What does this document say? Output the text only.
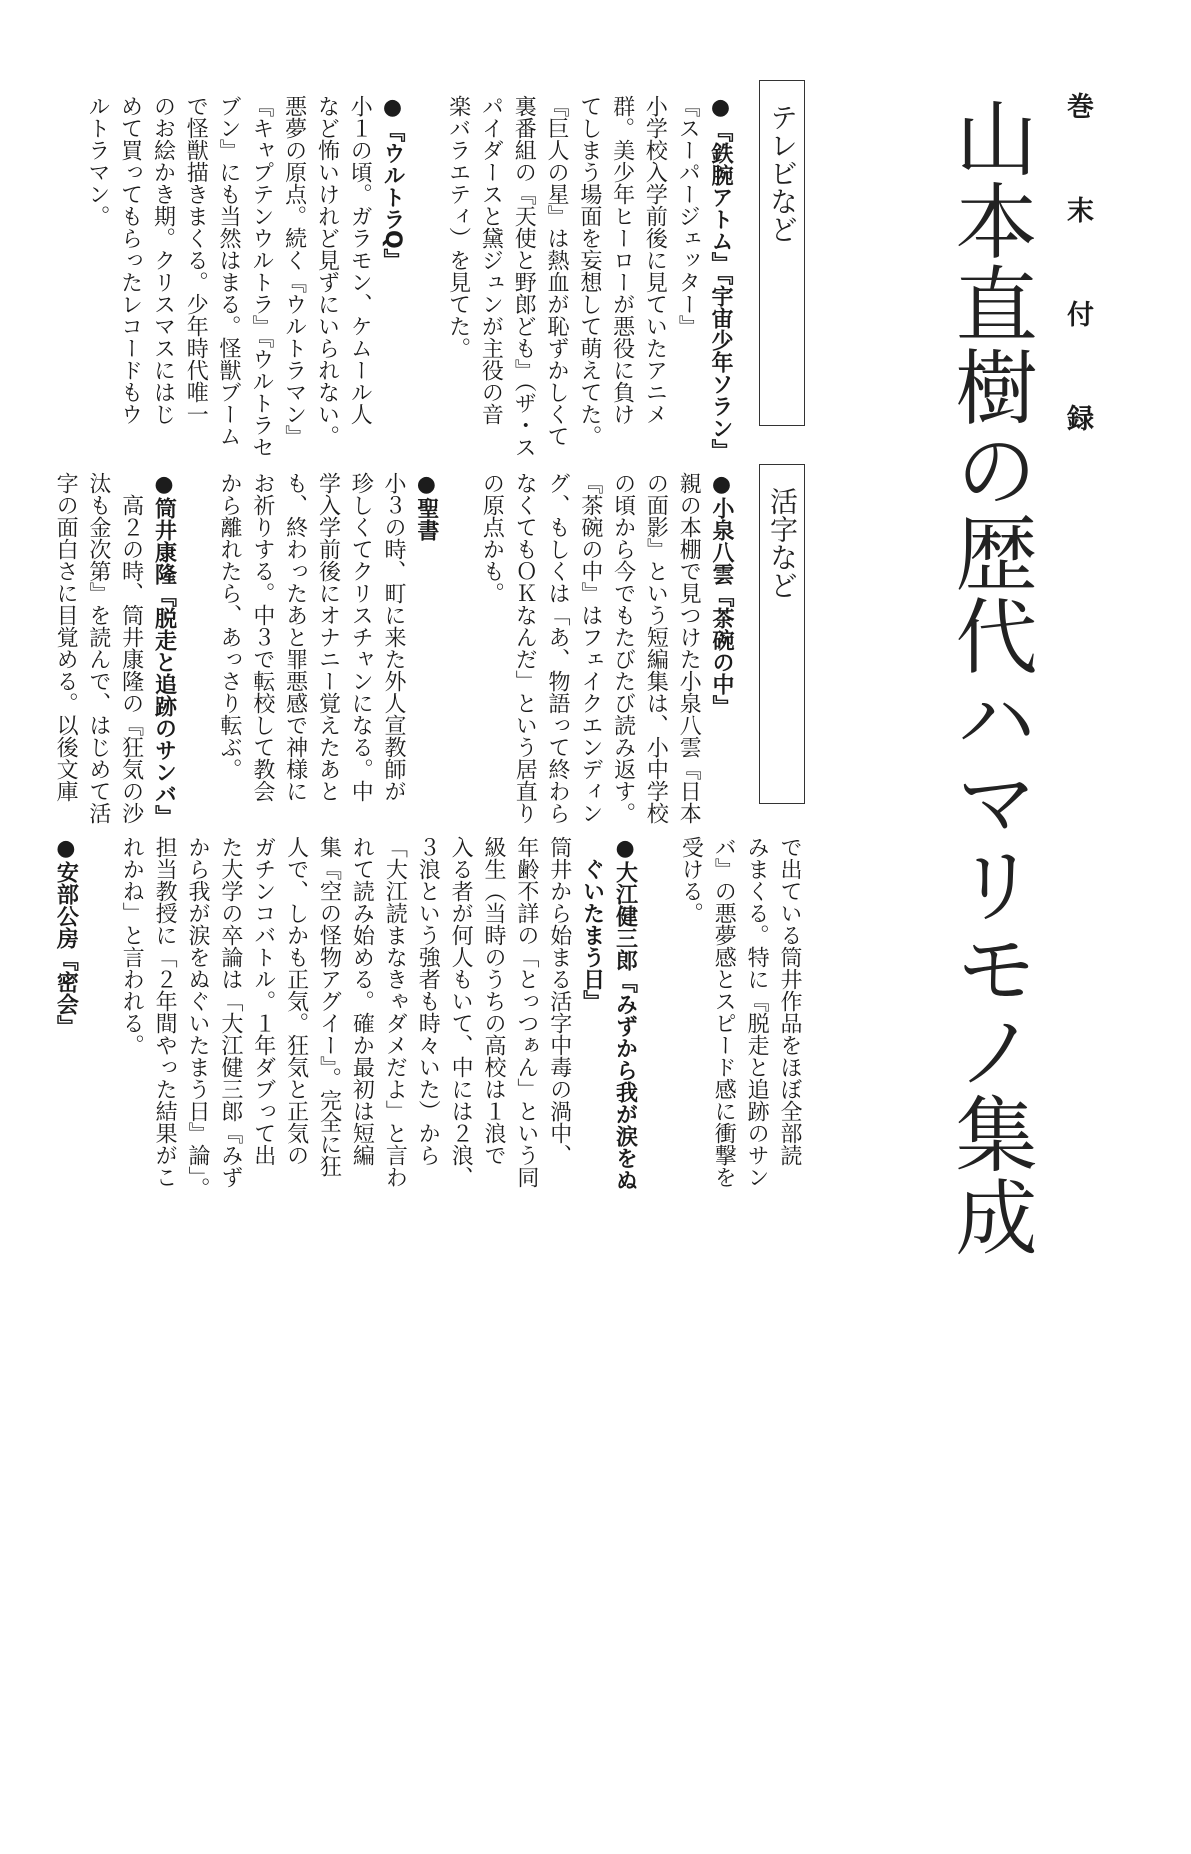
巻末付録
山本直樹の歴代ハマリモノ集成
テレビなど
活字など
●『鉄腕アトム』『宇宙少年ソラン』
『スーパージェッター』
小学校入学前後に見ていたアニメ
群。美少年ヒーローが悪役に負け
てしまう場面を妄想して萌えてた。
『巨人の星』は熱血が恥ずかしくて
裏番組の『天使と野郎ども』（ザ・ス
パイダースと黛ジュンが主役の音
楽バラエティ）を見てた。
●『ウルトラQ』
小１の頃。ガラモン、ケムール人
など怖いけれど見ずにいられない。
悪夢の原点。続く『ウルトラマン』
『キャプテンウルトラ』『ウルトラセ
ブン』にも当然はまる。怪獣ブーム
で怪獣描きまくる。少年時代唯一
のお絵かき期。クリスマスにはじ
めて買ってもらったレコードもウ
ルトラマン。
●小泉八雲『茶碗の中』
親の本棚で見つけた小泉八雲『日本
の面影』という短編集は、小中学校
の頃から今でもたびたび読み返す。
『茶碗の中』はフェイクエンディン
グ、もしくは「あ、物語って終わら
なくてもＯＫなんだ」という居直り
の原点かも。
●聖書
小３の時、町に来た外人宣教師が
珍しくてクリスチャンになる。中
学入学前後にオナニー覚えたあと
も、終わったあと罪悪感で神様に
お祈りする。中３で転校して教会
から離れたら、あっさり転ぶ。
●筒井康隆『脱走と追跡のサンバ』
高２の時、筒井康隆の『狂気の沙
汰も金次第』を読んで、はじめて活
字の面白さに目覚める。以後文庫
で出ている筒井作品をほぼ全部読
みまくる。特に『脱走と追跡のサン
バ』の悪夢感とスピード感に衝撃を
受ける。
●大江健三郎『みずから我が涙をぬ
ぐいたまう日』
筒井から始まる活字中毒の渦中、
年齢不詳の「とっつぁん」という同
級生（当時のうちの高校は１浪で
入る者が何人もいて、中には２浪、
３浪という強者も時々いた）から
「大江読まなきゃダメだよ」と言わ
れて読み始める。確か最初は短編
集『空の怪物アグイー』。完全に狂
人で、しかも正気。狂気と正気の
ガチンコバトル。１年ダブって出
た大学の卒論は「大江健三郎『みず
から我が涙をぬぐいたまう日』論」。
担当教授に「２年間やった結果がこ
れかね」と言われる。
●安部公房『密会』
